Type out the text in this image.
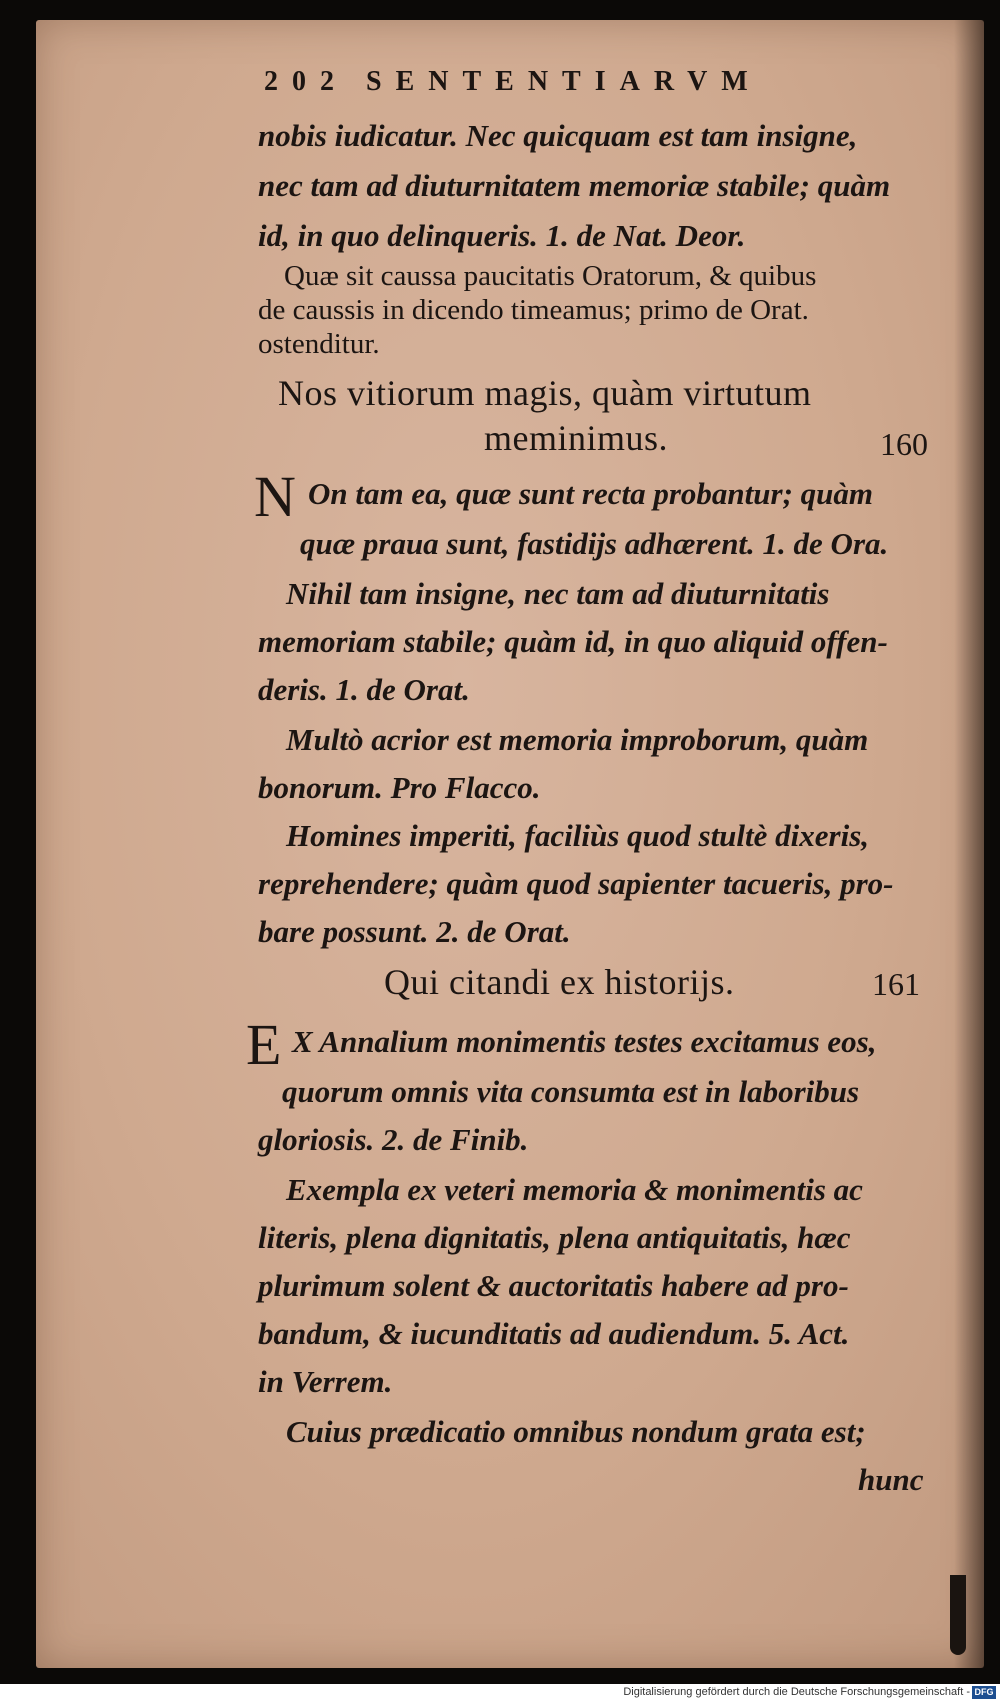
202 SENTENTIARVM
nobis iudicatur. Nec quicquam est tam insigne,
nec tam ad diuturnitatem memoriæ stabile; quàm
id, in quo delinqueris. 1. de Nat. Deor.
Quæ sit caussa paucitatis Oratorum, & quibus
de caussis in dicendo timeamus; primo de Orat.
ostenditur.
Nos vitiorum magis, quàm virtutum
meminimus.	160
N On tam ea, quæ sunt recta probantur; quàm
quæ praua sunt, fastidijs adhærent. 1. de Ora.
Nihil tam insigne, nec tam ad diuturnitatis
memoriam stabile; quàm id, in quo aliquid offen-
deris. 1. de Orat.
Multò acrior est memoria improborum, quàm
bonorum. Pro Flacco.
Homines imperiti, faciliùs quod stultè dixeris,
reprehendere; quàm quod sapienter tacueris, pro-
bare possunt. 2. de Orat.
Qui citandi ex historijs.	161
E X Annalium monimentis testes excitamus eos,
quorum omnis vita consumta est in laboribus
gloriosis. 2. de Finib.
Exempla ex veteri memoria & monimentis ac
literis, plena dignitatis, plena antiquitatis, hæc
plurimum solent & auctoritatis habere ad pro-
bandum, & iucunditatis ad audiendum. 5. Act.
in Verrem.
Cuius prædicatio omnibus nondum grata est;
hunc
Digitalisierung gefördert durch die Deutsche Forschungsgemeinschaft - DFG
